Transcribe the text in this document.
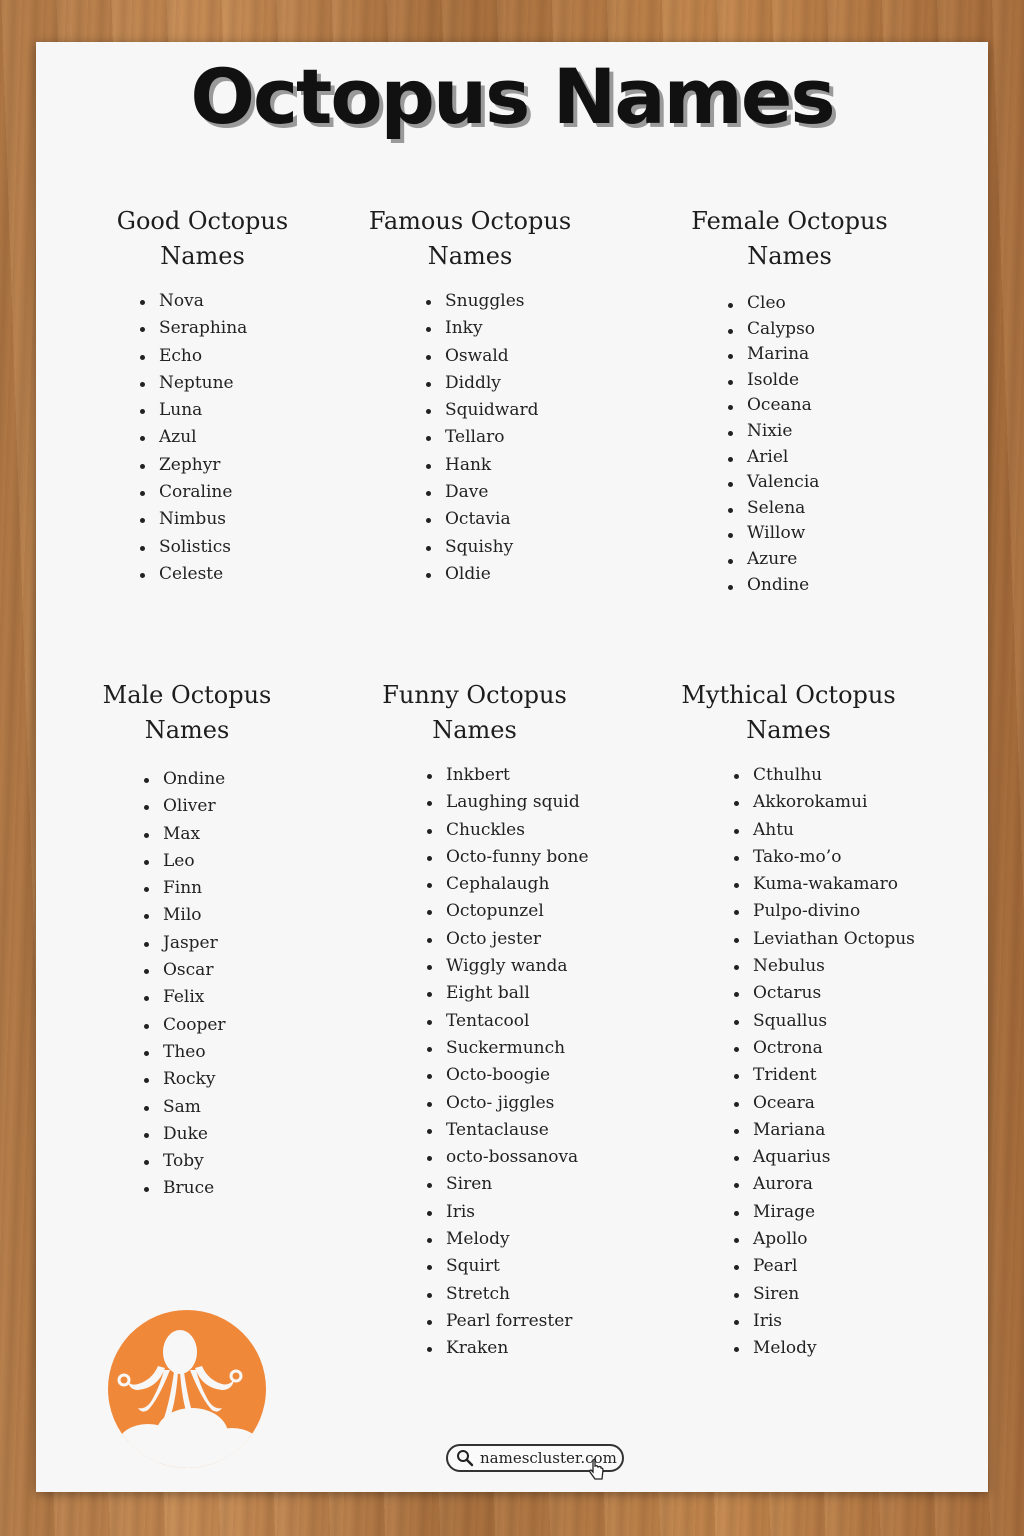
Octopus Names
Good Octopus
Names
Nova
Seraphina
Echo
Neptune
Luna
Azul
Zephyr
Coraline
Nimbus
Solistics
Celeste
Famous Octopus
Names
Snuggles
Inky
Oswald
Diddly
Squidward
Tellaro
Hank
Dave
Octavia
Squishy
Oldie
Female Octopus
Names
Cleo
Calypso
Marina
Isolde
Oceana
Nixie
Ariel
Valencia
Selena
Willow
Azure
Ondine
Male Octopus
Names
Ondine
Oliver
Max
Leo
Finn
Milo
Jasper
Oscar
Felix
Cooper
Theo
Rocky
Sam
Duke
Toby
Bruce
Funny Octopus
Names
Inkbert
Laughing squid
Chuckles
Octo-funny bone
Cephalaugh
Octopunzel
Octo jester
Wiggly wanda
Eight ball
Tentacool
Suckermunch
Octo-boogie
Octo- jiggles
Tentaclause
octo-bossanova
Siren
Iris
Melody
Squirt
Stretch
Pearl forrester
Kraken
Mythical Octopus
Names
Cthulhu
Akkorokamui
Ahtu
Tako-mo’o
Kuma-wakamaro
Pulpo-divino
Leviathan Octopus
Nebulus
Octarus
Squallus
Octrona
Trident
Oceara
Mariana
Aquarius
Aurora
Mirage
Apollo
Pearl
Siren
Iris
Melody
namescluster.com
